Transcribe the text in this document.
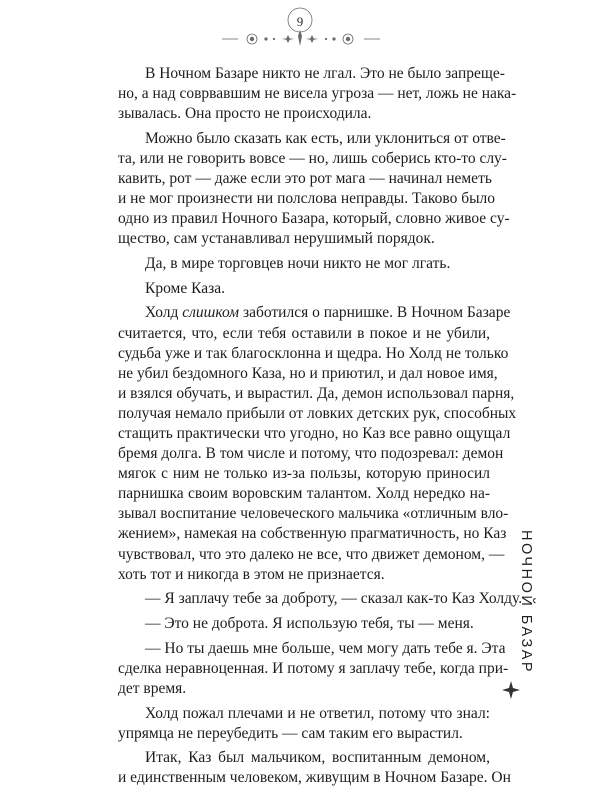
9

В Ночном Базаре никто не лгал. Это не было запреще-
но, а над соврвавшим не висела угроза — нет, ложь не нака-
зывалась. Она просто не происходила.

Можно было сказать как есть, или уклониться от отве-
та, или не говорить вовсе — но, лишь соберись кто-то слу-
кавить, рот — даже если это рот мага — начинал неметь
и не мог произнести ни полслова неправды. Таково было
одно из правил Ночного Базара, который, словно живое су-
щество, сам устанавливал нерушимый порядок.

Да, в мире торговцев ночи никто не мог лгать.

Кроме Каза.

Холд слишком заботился о парнишке. В Ночном Базаре
считается, что, если тебя оставили в покое и не убили,
судьба уже и так благосклонна и щедра. Но Холд не только
не убил бездомного Каза, но и приютил, и дал новое имя,
и взялся обучать, и вырастил. Да, демон использовал парня,
получая немало прибыли от ловких детских рук, способных
стащить практически что угодно, но Каз все равно ощущал
бремя долга. В том числе и потому, что подозревал: демон
мягок с ним не только из-за пользы, которую приносил
парнишка своим воровским талантом. Холд нередко на-
зывал воспитание человеческого мальчика «отличным вло-
жением», намекая на собственную прагматичность, но Каз
чувствовал, что это далеко не все, что движет демоном, —
хоть тот и никогда в этом не признается.

— Я заплачу тебе за доброту, — сказал как-то Каз Холду.

— Это не доброта. Я использую тебя, ты — меня.

— Но ты даешь мне больше, чем могу дать тебе я. Эта
сделка неравноценная. И потому я заплачу тебе, когда при-
дет время.

Холд пожал плечами и не ответил, потому что знал:
упрямца не переубедить — сам таким его вырастил.

Итак, Каз был мальчиком, воспитанным демоном,
и единственным человеком, живущим в Ночном Базаре. Он

НОЧНОЙ БАЗАР
